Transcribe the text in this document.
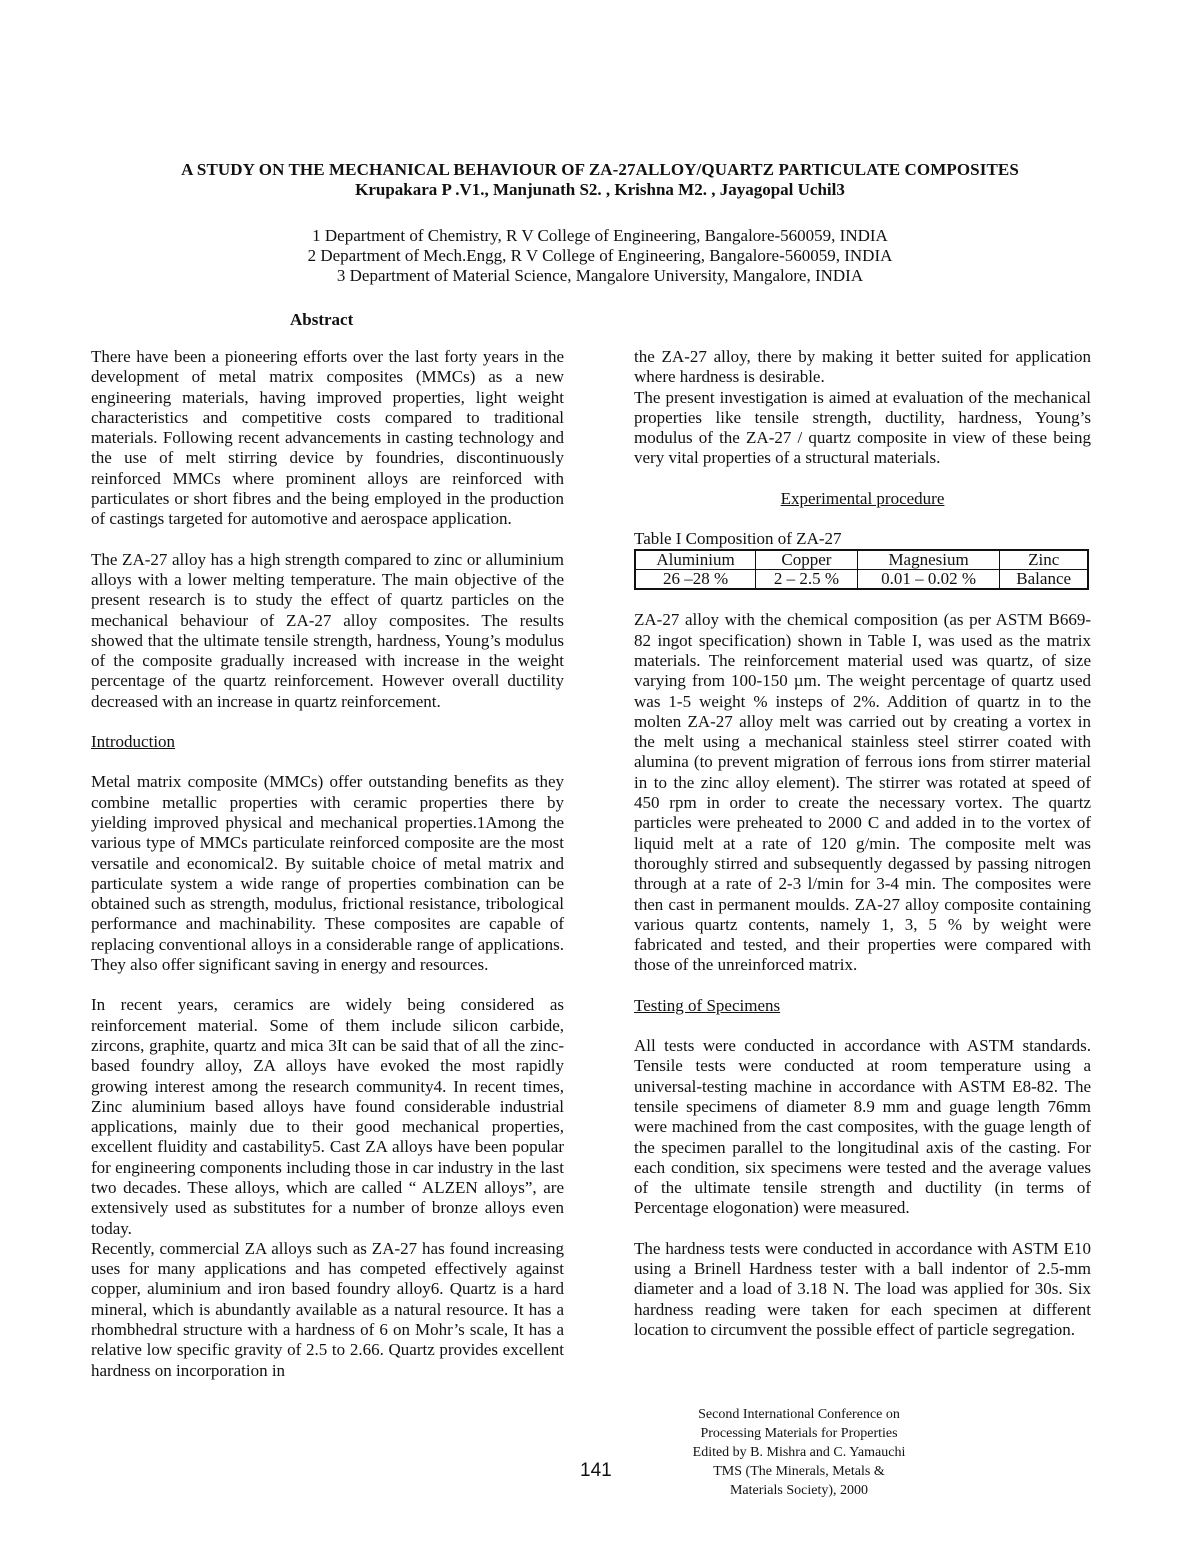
A STUDY ON THE MECHANICAL BEHAVIOUR OF ZA-27ALLOY/QUARTZ PARTICULATE COMPOSITES
Krupakara P .V1., Manjunath S2. , Krishna M2. , Jayagopal Uchil3
1 Department of Chemistry, R V College of Engineering, Bangalore-560059, INDIA
2 Department of Mech.Engg, R V College of Engineering, Bangalore-560059, INDIA
3 Department of Material Science, Mangalore University, Mangalore, INDIA
Abstract

There have been a pioneering efforts over the last forty years in the development of metal matrix composites (MMCs) as a new engineering materials, having improved properties, light weight characteristics and competitive costs compared to traditional materials. Following recent advancements in casting technology and the use of melt stirring device by foundries, discontinuously reinforced MMCs where prominent alloys are reinforced with particulates or short fibres and the being employed in the production of castings targeted for automotive and aerospace application.

The ZA-27 alloy has a high strength compared to zinc or alluminium alloys with a lower melting temperature. The main objective of the present research is to study the effect of quartz particles on the mechanical behaviour of ZA-27 alloy composites. The results showed that the ultimate tensile strength, hardness, Young’s modulus of the composite gradually increased with increase in the weight percentage of the quartz reinforcement. However overall ductility decreased with an increase in quartz reinforcement.

Introduction

Metal matrix composite (MMCs) offer outstanding benefits as they combine metallic properties with ceramic properties there by yielding improved physical and mechanical properties.1Among the various type of MMCs particulate reinforced composite are the most versatile and economical2. By suitable choice of metal matrix and particulate system a wide range of properties combination can be obtained such as strength, modulus, frictional resistance, tribological performance and machinability. These composites are capable of replacing conventional alloys in a considerable range of applications. They also offer significant saving in energy and resources.

In recent years, ceramics are widely being considered as reinforcement material. Some of them include silicon carbide, zircons, graphite, quartz and mica 3It can be said that of all the zinc-based foundry alloy, ZA alloys have evoked the most rapidly growing interest among the research community4. In recent times, Zinc aluminium based alloys have found considerable industrial applications, mainly due to their good mechanical properties, excellent fluidity and castability5. Cast ZA alloys have been popular for engineering components including those in car industry in the last two decades. These alloys, which are called “ ALZEN alloys”, are extensively used as substitutes for a number of bronze alloys even today.

Recently, commercial ZA alloys such as ZA-27 has found increasing uses for many applications and has competed effectively against copper, aluminium and iron based foundry alloy6. Quartz is a hard mineral, which is abundantly available as a natural resource. It has a rhombhedral structure with a hardness of 6 on Mohr’s scale, It has a relative low specific gravity of 2.5 to 2.66. Quartz provides excellent hardness on incorporation in

the ZA-27 alloy, there by making it better suited for application where hardness is desirable.

The present investigation is aimed at evaluation of the mechanical properties like tensile strength, ductility, hardness, Young’s modulus of the ZA-27 / quartz composite in view of these being very vital properties of a structural materials.

Experimental procedure

Table I Composition of ZA-27

Aluminium	Copper	Magnesium	Zinc
26 –28 %	2 – 2.5 %	0.01 – 0.02 %	Balance

ZA-27 alloy with the chemical composition (as per ASTM B669-82 ingot specification) shown in Table I, was used as the matrix materials. The reinforcement material used was quartz, of size varying from 100-150 µm. The weight percentage of quartz used was 1-5 weight % insteps of 2%. Addition of quartz in to the molten ZA-27 alloy melt was carried out by creating a vortex in the melt using a mechanical stainless steel stirrer coated with alumina (to prevent migration of ferrous ions from stirrer material in to the zinc alloy element). The stirrer was rotated at speed of 450 rpm in order to create the necessary vortex. The quartz particles were preheated to 2000 C and added in to the vortex of liquid melt at a rate of 120 g/min. The composite melt was thoroughly stirred and subsequently degassed by passing nitrogen through at a rate of 2-3 l/min for 3-4 min. The composites were then cast in permanent moulds. ZA-27 alloy composite containing various quartz contents, namely 1, 3, 5 % by weight were fabricated and tested, and their properties were compared with those of the unreinforced matrix.

Testing of Specimens

All tests were conducted in accordance with ASTM standards. Tensile tests were conducted at room temperature using a universal-testing machine in accordance with ASTM E8-82. The tensile specimens of diameter 8.9 mm and guage length 76mm were machined from the cast composites, with the guage length of the specimen parallel to the longitudinal axis of the casting. For each condition, six specimens were tested and the average values of the ultimate tensile strength and ductility (in terms of Percentage elogonation) were measured.

The hardness tests were conducted in accordance with ASTM E10 using a Brinell Hardness tester with a ball indentor of 2.5-mm diameter and a load of 3.18 N. The load was applied for 30s. Six hardness reading were taken for each specimen at different location to circumvent the possible effect of particle segregation.

Second International Conference on
Processing Materials for Properties
Edited by B. Mishra and C. Yamauchi
TMS (The Minerals, Metals &
Materials Society), 2000
141
